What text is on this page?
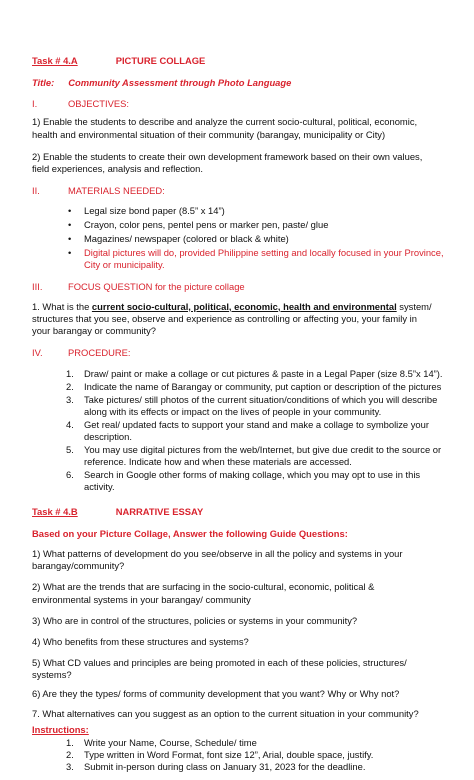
Task # 4.A	PICTURE COLLAGE
Title: Community Assessment through Photo Language
I.	OBJECTIVES:
1) Enable the students to describe and analyze the current socio-cultural, political, economic,
health and environmental situation of their community (barangay, municipality or City)
2) Enable the students to create their own development framework based on their own values,
field experiences, analysis and reflection.
II.	MATERIALS NEEDED:
• Legal size bond paper (8.5” x 14”)
• Crayon, color pens, pentel pens or marker pen, paste/ glue
• Magazines/ newspaper (colored or black & white)
• Digital pictures will do, provided Philippine setting and locally focused in your Province,
City or municipality.
III.	FOCUS QUESTION for the picture collage
1. What is the current socio-cultural, political, economic, health and environmental system/
structures that you see, observe and experience as controlling or affecting you, your family in
your barangay or community?
IV.	PROCEDURE:
1. Draw/ paint or make a collage or cut pictures & paste in a Legal Paper (size 8.5”x 14”).
2. Indicate the name of Barangay or community, put caption or description of the pictures
3. Take pictures/ still photos of the current situation/conditions of which you will describe
along with its effects or impact on the lives of people in your community.
4. Get real/ updated facts to support your stand and make a collage to symbolize your
description.
5. You may use digital pictures from the web/Internet, but give due credit to the source or
reference. Indicate how and when these materials are accessed.
6. Search in Google other forms of making collage, which you may opt to use in this
activity.
Task # 4.B	NARRATIVE ESSAY
Based on your Picture Collage, Answer the following Guide Questions:
1) What patterns of development do you see/observe in all the policy and systems in your
barangay/community?
2) What are the trends that are surfacing in the socio-cultural, economic, political &
environmental systems in your barangay/ community
3) Who are in control of the structures, policies or systems in your community?
4) Who benefits from these structures and systems?
5) What CD values and principles are being promoted in each of these policies, structures/
systems?
6) Are they the types/ forms of community development that you want? Why or Why not?
7. What alternatives can you suggest as an option to the current situation in your community?
Instructions:
1. Write your Name, Course, Schedule/ time
2. Type written in Word Format, font size 12”, Arial, double space, justify.
3. Submit in-person during class on January 31, 2023 for the deadline.
